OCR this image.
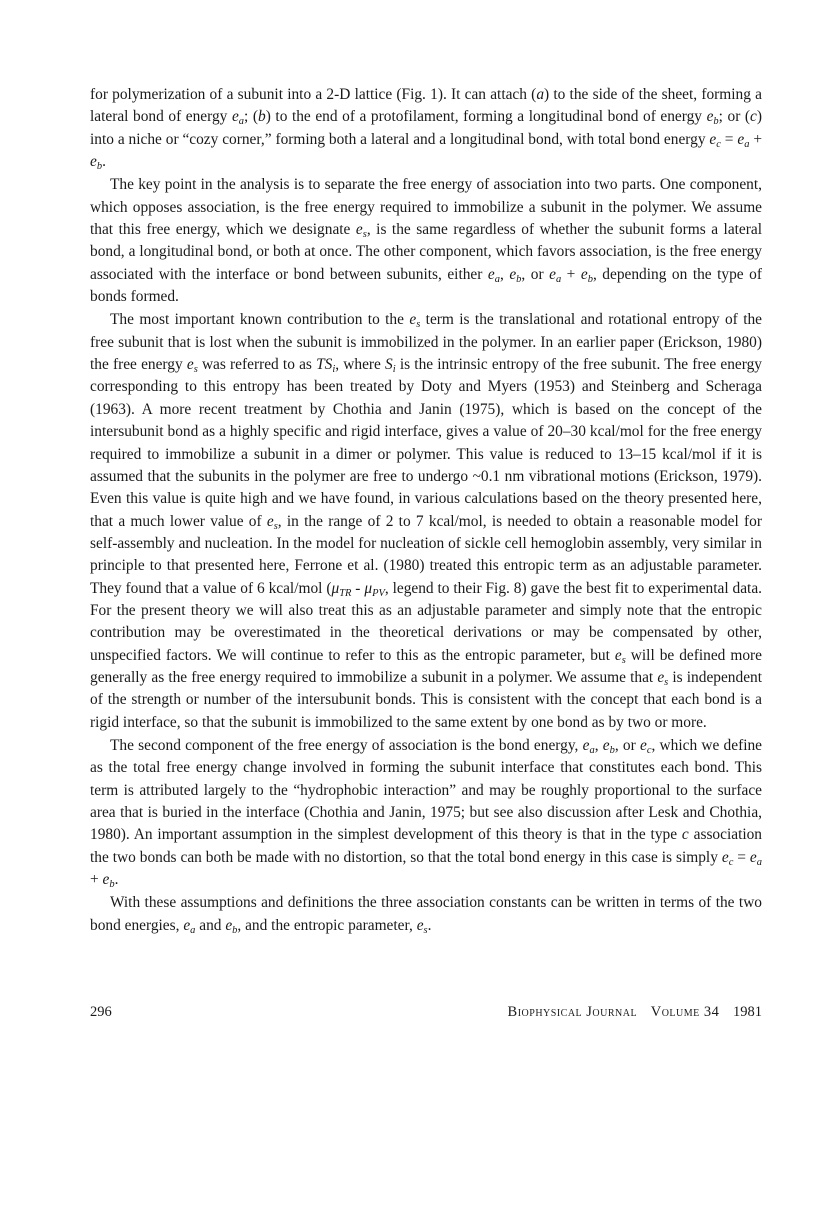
for polymerization of a subunit into a 2-D lattice (Fig. 1). It can attach (a) to the side of the sheet, forming a lateral bond of energy $e_a$; (b) to the end of a protofilament, forming a longitudinal bond of energy $e_b$; or (c) into a niche or “cozy corner,” forming both a lateral and a longitudinal bond, with total bond energy $e_c = e_a + e_b$.

The key point in the analysis is to separate the free energy of association into two parts. One component, which opposes association, is the free energy required to immobilize a subunit in the polymer. We assume that this free energy, which we designate $e_s$, is the same regardless of whether the subunit forms a lateral bond, a longitudinal bond, or both at once. The other component, which favors association, is the free energy associated with the interface or bond between subunits, either $e_a$, $e_b$, or $e_a + e_b$, depending on the type of bonds formed.

The most important known contribution to the $e_s$ term is the translational and rotational entropy of the free subunit that is lost when the subunit is immobilized in the polymer. In an earlier paper (Erickson, 1980) the free energy $e_s$ was referred to as $TS_i$, where $S_i$ is the intrinsic entropy of the free subunit. The free energy corresponding to this entropy has been treated by Doty and Myers (1953) and Steinberg and Scheraga (1963). A more recent treatment by Chothia and Janin (1975), which is based on the concept of the intersubunit bond as a highly specific and rigid interface, gives a value of 20–30 kcal/mol for the free energy required to immobilize a subunit in a dimer or polymer. This value is reduced to 13–15 kcal/mol if it is assumed that the subunits in the polymer are free to undergo ~0.1 nm vibrational motions (Erickson, 1979). Even this value is quite high and we have found, in various calculations based on the theory presented here, that a much lower value of $e_s$, in the range of 2 to 7 kcal/mol, is needed to obtain a reasonable model for self-assembly and nucleation. In the model for nucleation of sickle cell hemoglobin assembly, very similar in principle to that presented here, Ferrone et al. (1980) treated this entropic term as an adjustable parameter. They found that a value of 6 kcal/mol ($\mu_{TR} - \mu_{PV}$, legend to their Fig. 8) gave the best fit to experimental data. For the present theory we will also treat this as an adjustable parameter and simply note that the entropic contribution may be overestimated in the theoretical derivations or may be compensated by other, unspecified factors. We will continue to refer to this as the entropic parameter, but $e_s$ will be defined more generally as the free energy required to immobilize a subunit in a polymer. We assume that $e_s$ is independent of the strength or number of the intersubunit bonds. This is consistent with the concept that each bond is a rigid interface, so that the subunit is immobilized to the same extent by one bond as by two or more.

The second component of the free energy of association is the bond energy, $e_a$, $e_b$, or $e_c$, which we define as the total free energy change involved in forming the subunit interface that constitutes each bond. This term is attributed largely to the “hydrophobic interaction” and may be roughly proportional to the surface area that is buried in the interface (Chothia and Janin, 1975; but see also discussion after Lesk and Chothia, 1980). An important assumption in the simplest development of this theory is that in the type c association the two bonds can both be made with no distortion, so that the total bond energy in this case is simply $e_c = e_a + e_b$.

With these assumptions and definitions the three association constants can be written in terms of the two bond energies, $e_a$ and $e_b$, and the entropic parameter, $e_s$.

296	Biophysical Journal Volume 34 1981
